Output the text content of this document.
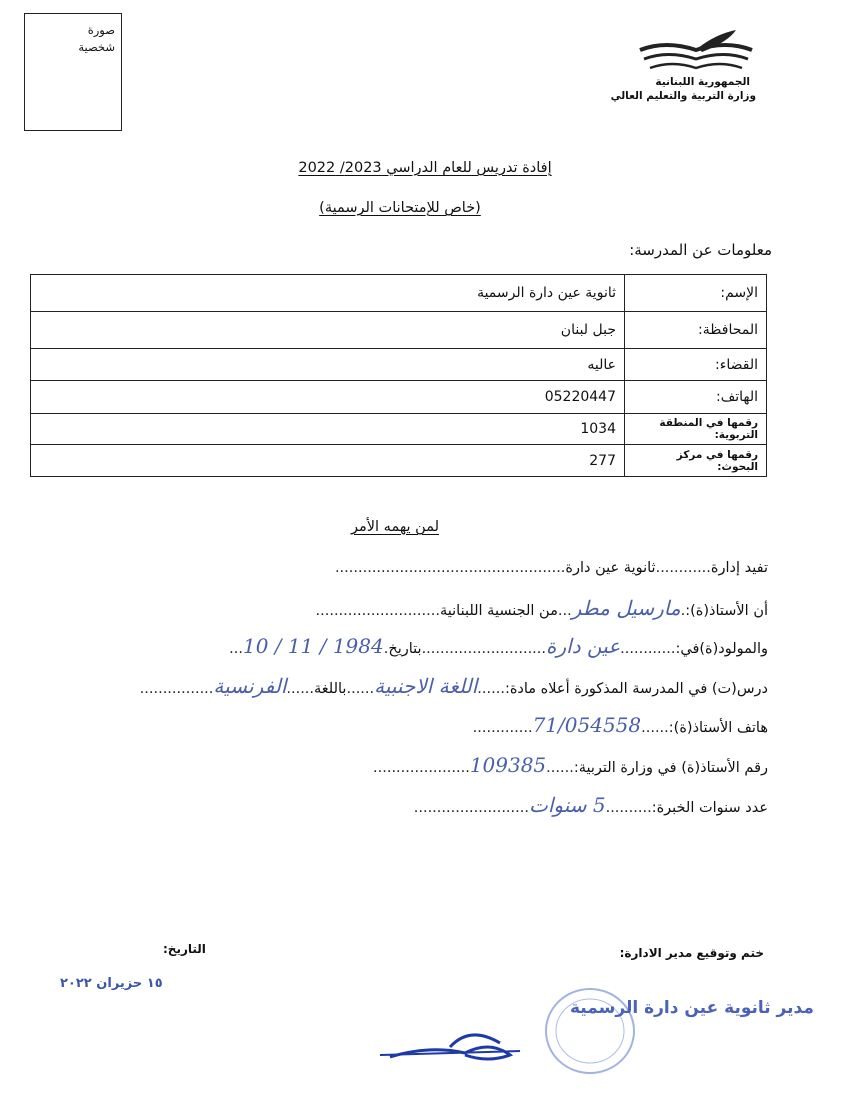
صورة
شخصية
الجمهورية اللبنانية
وزارة التربية والتعليم العالي
إفادة تدريس للعام الدراسي 2023/ 2022
(خاص للإمتحانات الرسمية)
معلومات عن المدرسة:
الإسم:	ثانوية عين دارة الرسمية
المحافظة:	جبل لبنان
القضاء:	عاليه
الهاتف:	05220447
رقمها في المنطقة التربوية:	1034
رقمها في مركز البحوث:	277
لمن يهمه الأمر
تفيد إدارة............ثانوية عين دارة..................................................
أن الأستاذ(ة):.مارسيل مطر...من الجنسية اللبنانية...........................
والمولود(ة)في:............عين دارة...........................بتاريخ.1984 / 11 / 10...
درس(ت) في المدرسة المذكورة أعلاه مادة:......اللغة الاجنبية......باللغة......الفرنسية................
هاتف الأستاذ(ة):......71/054558.............
رقم الأستاذ(ة) في وزارة التربية:......109385.....................
عدد سنوات الخبرة:..........5 سنوات.........................
ختم وتوقيع مدير الادارة:
التاريخ:
١٥ حزيران ٢٠٢٢
مدير ثانوية عين دارة الرسمية
